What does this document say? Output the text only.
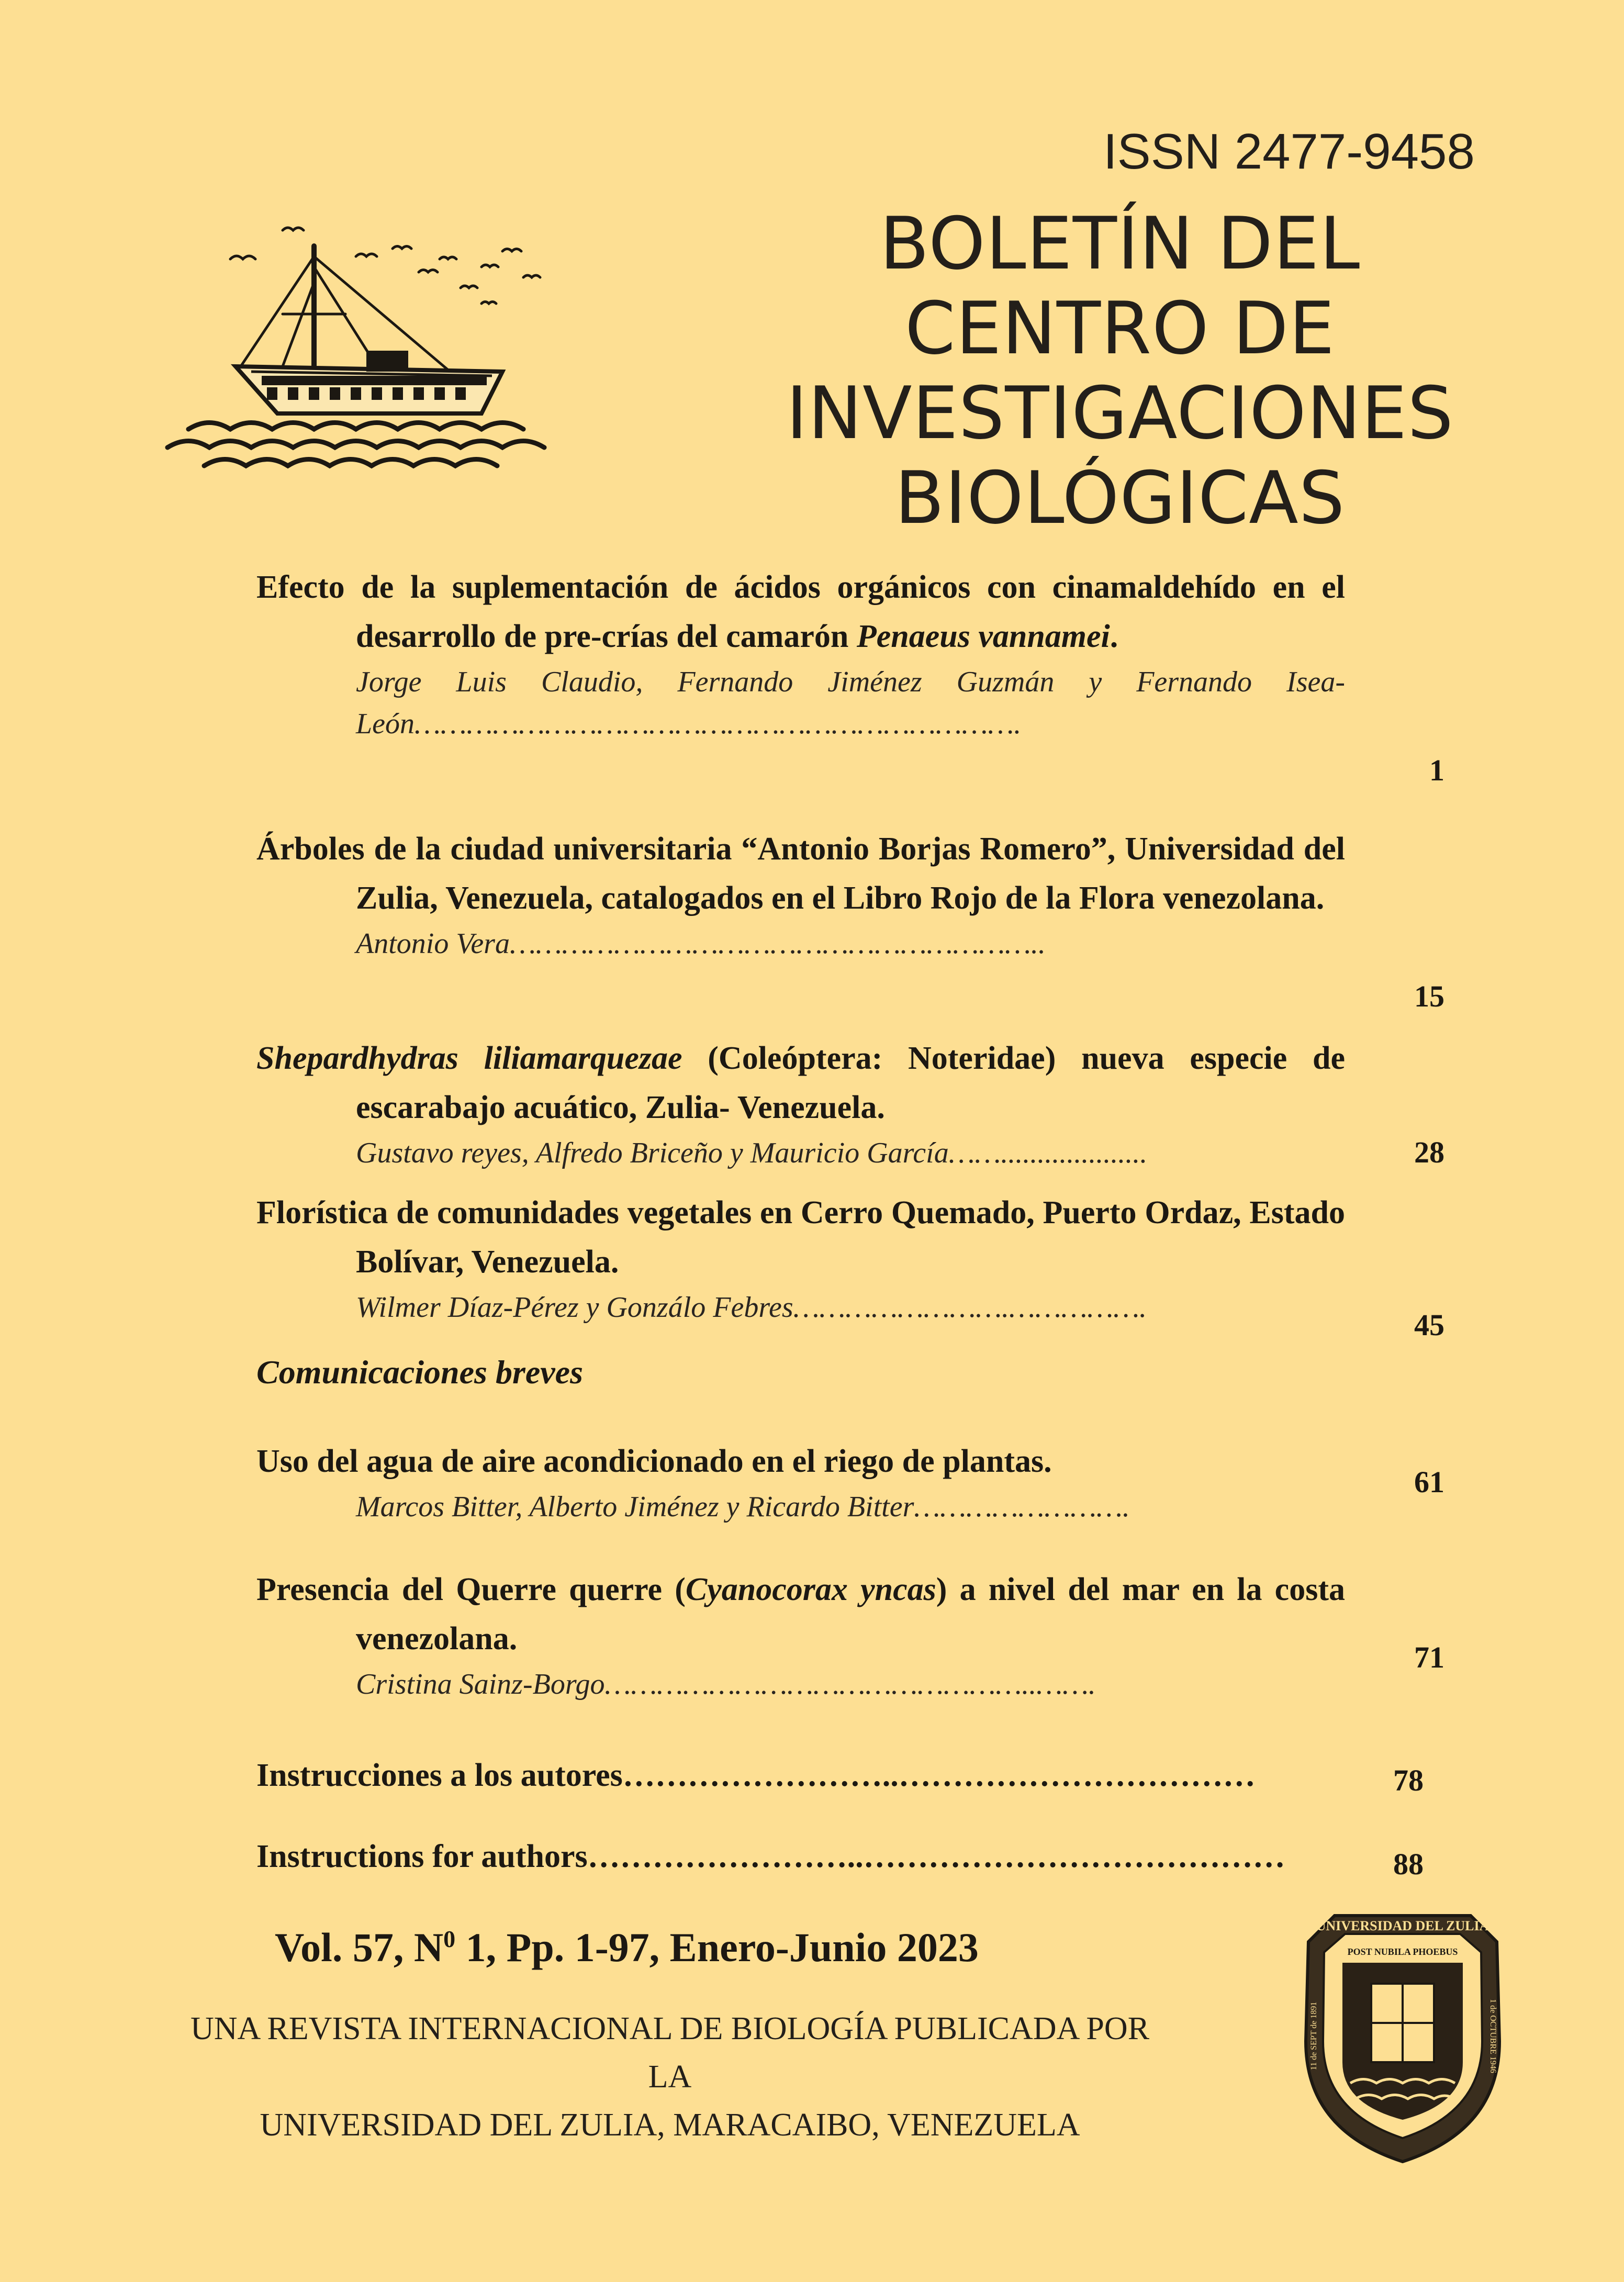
ISSN 2477-9458
BOLETÍN DEL
CENTRO DE
INVESTIGACIONES
BIOLÓGICAS
Efecto de la suplementación de ácidos orgánicos con cinamaldehído en el desarrollo de pre-crías del camarón Penaeus vannamei.
Jorge Luis Claudio, Fernando Jiménez Guzmán y Fernando Isea-León…………………………………………………………….
1
Árboles de la ciudad universitaria “Antonio Borjas Romero”, Universidad del Zulia, Venezuela, catalogados en el Libro Rojo de la Flora venezolana.
Antonio Vera……………………………………………………..
15
Shepardhydras liliamarquezae (Coleóptera: Noteridae) nueva especie de escarabajo acuático, Zulia- Venezuela.
Gustavo reyes, Alfredo Briceño y Mauricio García……....................	28
Florística de comunidades vegetales en Cerro Quemado, Puerto Ordaz, Estado Bolívar, Venezuela.
Wilmer Díaz-Pérez y Gonzálo Febres…………………….…………….
45
Comunicaciones breves
Uso del agua de aire acondicionado en el riego de plantas.
Marcos Bitter, Alberto Jiménez y Ricardo Bitter…………………….
61
Presencia del Querre querre (Cyanocorax yncas) a nivel del mar en la costa venezolana.
Cristina Sainz-Borgo…………………………………………..…….
71
Instrucciones a los autores……………………..……………………………	78
Instructions for authors……………………..…………………………………	88
Vol. 57, $N^0$ 1, Pp. 1-97, Enero-Junio 2023
UNA REVISTA INTERNACIONAL DE BIOLOGÍA PUBLICADA POR
LA
UNIVERSIDAD DEL ZULIA, MARACAIBO, VENEZUELA
UNIVERSIDAD DEL ZULIA
POST NUBILA PHOEBUS
11 de SEPT de 1891	1 de OCTUBRE 1946
